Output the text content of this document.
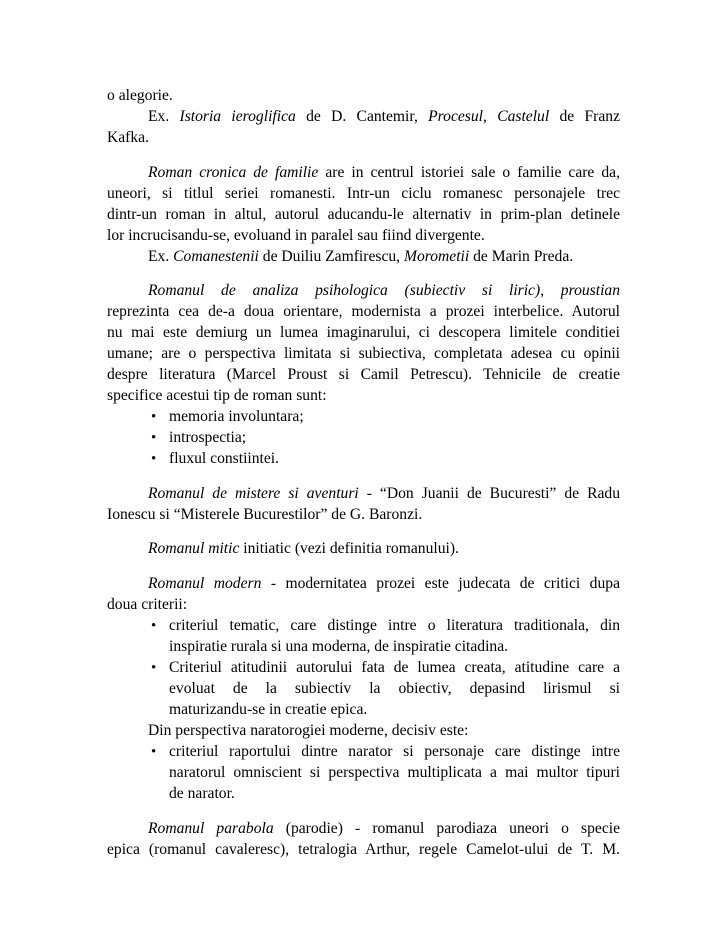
o alegorie.
Ex. Istoria ieroglifica de D. Cantemir, Procesul, Castelul de Franz
Kafka.
Roman cronica de familie are in centrul istoriei sale o familie care da,
uneori, si titlul seriei romanesti. Intr-un ciclu romanesc personajele trec
dintr-un roman in altul, autorul aducandu-le alternativ in prim-plan detinele
lor incrucisandu-se, evoluand in paralel sau fiind divergente.
Ex. Comanestenii de Duiliu Zamfirescu, Morometii de Marin Preda.
Romanul de analiza psihologica (subiectiv si liric), proustian
reprezinta cea de-a doua orientare, modernista a prozei interbelice. Autorul
nu mai este demiurg un lumea imaginarului, ci descopera limitele conditiei
umane; are o perspectiva limitata si subiectiva, completata adesea cu opinii
despre literatura (Marcel Proust si Camil Petrescu). Tehnicile de creatie
specifice acestui tip de roman sunt:
• memoria involuntara;
• introspectia;
• fluxul constiintei.
Romanul de mistere si aventuri - “Don Juanii de Bucuresti” de Radu
Ionescu si “Misterele Bucurestilor” de G. Baronzi.
Romanul mitic initiatic (vezi definitia romanului).
Romanul modern - modernitatea prozei este judecata de critici dupa
doua criterii:
• criteriul tematic, care distinge intre o literatura traditionala, din
inspiratie rurala si una moderna, de inspiratie citadina.
• Criteriul atitudinii autorului fata de lumea creata, atitudine care a
evoluat de la subiectiv la obiectiv, depasind lirismul si
maturizandu-se in creatie epica.
Din perspectiva naratorogiei moderne, decisiv este:
• criteriul raportului dintre narator si personaje care distinge intre
naratorul omniscient si perspectiva multiplicata a mai multor tipuri
de narator.
Romanul parabola (parodie) - romanul parodiaza uneori o specie
epica (romanul cavaleresc), tetralogia Arthur, regele Camelot-ului de T. M.
